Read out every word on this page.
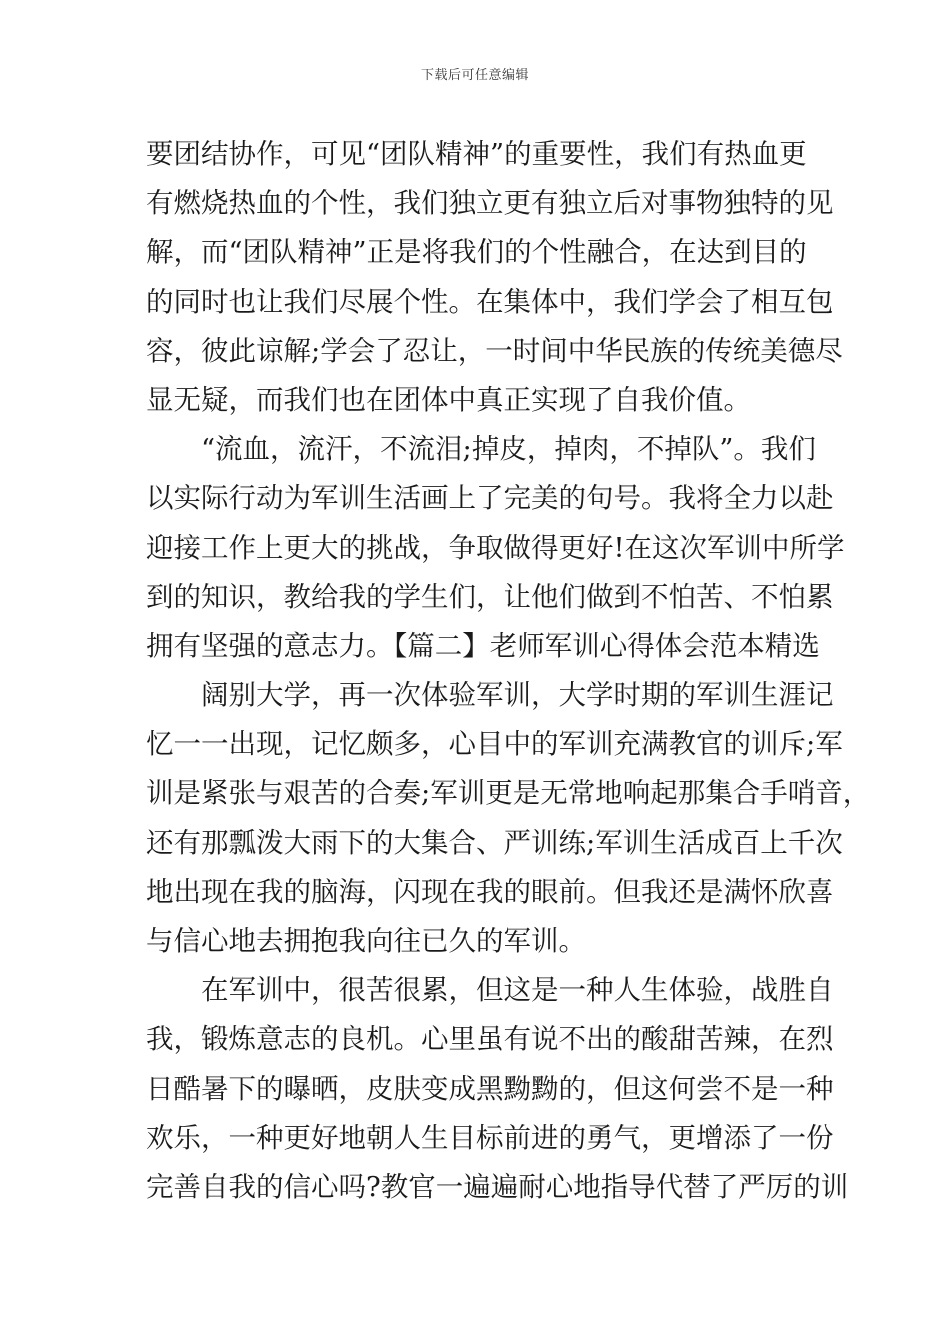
下载后可任意编辑
要团结协作，可见“团队精神”的重要性，我们有热血更
有燃烧热血的个性，我们独立更有独立后对事物独特的见
解，而“团队精神”正是将我们的个性融合，在达到目的
的同时也让我们尽展个性。在集体中，我们学会了相互包
容，彼此谅解;学会了忍让，一时间中华民族的传统美德尽
显无疑，而我们也在团体中真正实现了自我价值。
　　“流血，流汗，不流泪;掉皮，掉肉，不掉队”。我们
以实际行动为军训生活画上了完美的句号。我将全力以赴
迎接工作上更大的挑战，争取做得更好!在这次军训中所学
到的知识，教给我的学生们，让他们做到不怕苦、不怕累
拥有坚强的意志力。【篇二】老师军训心得体会范本精选
　　阔别大学，再一次体验军训，大学时期的军训生涯记
忆一一出现，记忆颇多，心目中的军训充满教官的训斥;军
训是紧张与艰苦的合奏;军训更是无常地响起那集合手哨音，
还有那瓢泼大雨下的大集合、严训练;军训生活成百上千次
地出现在我的脑海，闪现在我的眼前。但我还是满怀欣喜
与信心地去拥抱我向往已久的军训。
　　在军训中，很苦很累，但这是一种人生体验，战胜自
我，锻炼意志的良机。心里虽有说不出的酸甜苦辣，在烈
日酷暑下的曝晒，皮肤变成黑黝黝的，但这何尝不是一种
欢乐，一种更好地朝人生目标前进的勇气，更增添了一份
完善自我的信心吗?教官一遍遍耐心地指导代替了严厉的训
